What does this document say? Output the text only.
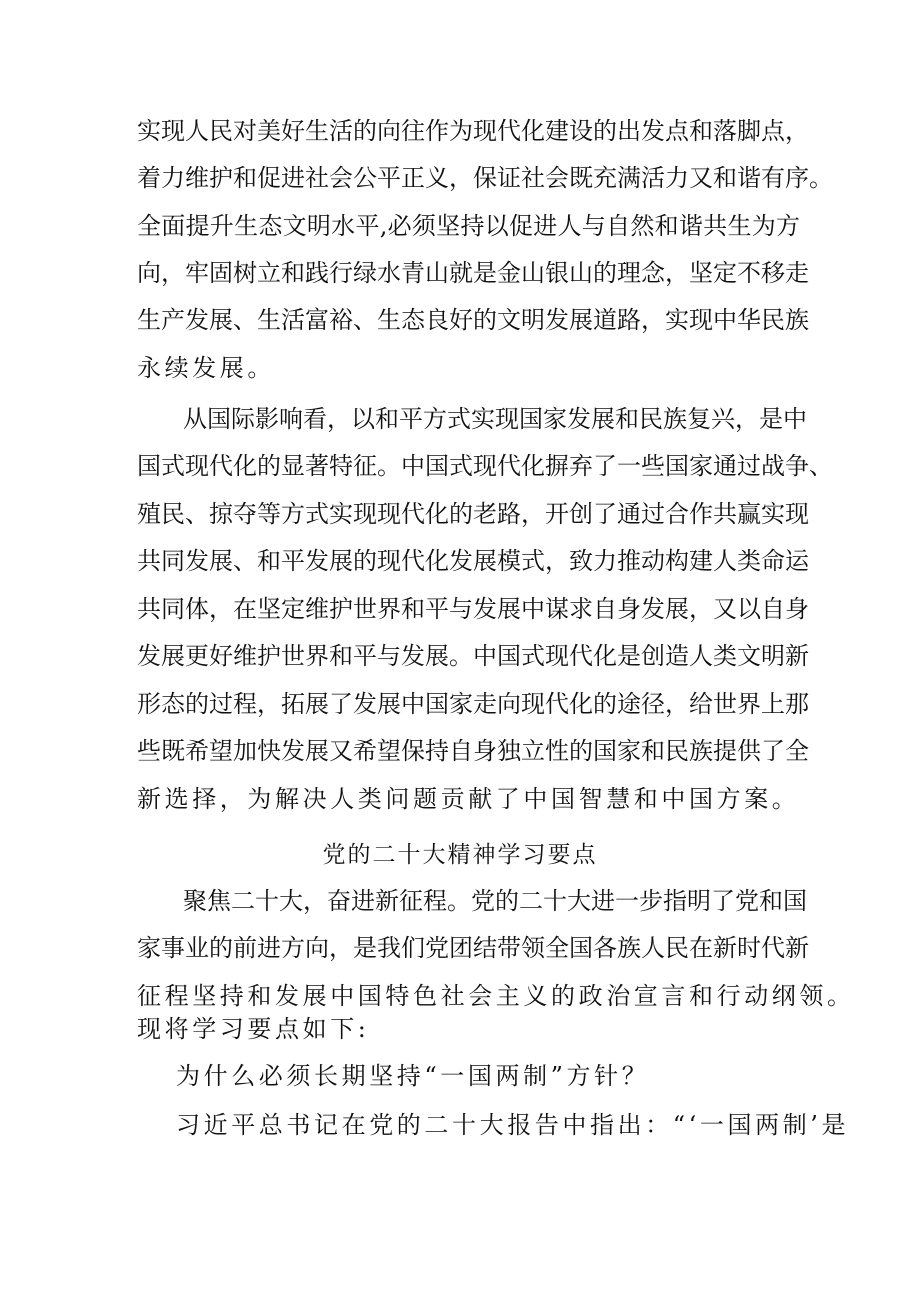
实现人民对美好生活的向往作为现代化建设的出发点和落脚点，
着力维护和促进社会公平正义，保证社会既充满活力又和谐有序。
全面提升生态文明水平,必须坚持以促进人与自然和谐共生为方
向，牢固树立和践行绿水青山就是金山银山的理念，坚定不移走
生产发展、生活富裕、生态良好的文明发展道路，实现中华民族
永续发展。
从国际影响看，以和平方式实现国家发展和民族复兴，是中
国式现代化的显著特征。中国式现代化摒弃了一些国家通过战争、
殖民、掠夺等方式实现现代化的老路，开创了通过合作共赢实现
共同发展、和平发展的现代化发展模式，致力推动构建人类命运
共同体，在坚定维护世界和平与发展中谋求自身发展，又以自身
发展更好维护世界和平与发展。中国式现代化是创造人类文明新
形态的过程，拓展了发展中国家走向现代化的途径，给世界上那
些既希望加快发展又希望保持自身独立性的国家和民族提供了全
新选择，为解决人类问题贡献了中国智慧和中国方案。
党的二十大精神学习要点
聚焦二十大，奋进新征程。党的二十大进一步指明了党和国
家事业的前进方向，是我们党团结带领全国各族人民在新时代新
征程坚持和发展中国特色社会主义的政治宣言和行动纲领。
现将学习要点如下:
为什么必须长期坚持“一国两制”方针？
习近平总书记在党的二十大报告中指出：“‘一国两制’是
